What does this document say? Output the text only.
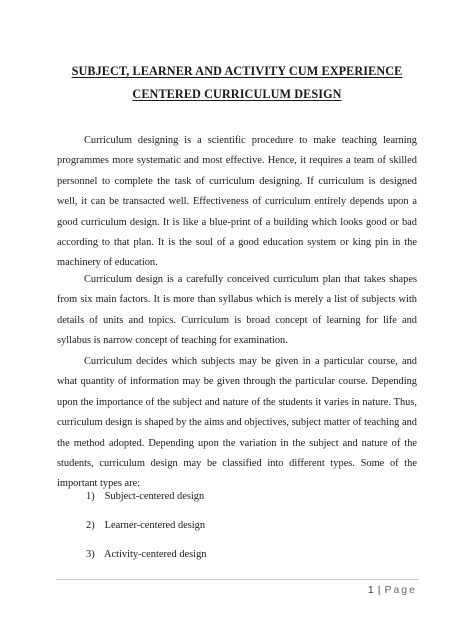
SUBJECT, LEARNER AND ACTIVITY CUM EXPERIENCE
CENTERED CURRICULUM DESIGN

Curriculum designing is a scientific procedure to make teaching learning programmes more systematic and most effective. Hence, it requires a team of skilled personnel to complete the task of curriculum designing. If curriculum is designed well, it can be transacted well. Effectiveness of curriculum entirely depends upon a good curriculum design. It is like a blue-print of a building which looks good or bad according to that plan. It is the soul of a good education system or king pin in the machinery of education.

Curriculum design is a carefully conceived curriculum plan that takes shapes from six main factors. It is more than syllabus which is merely a list of subjects with details of units and topics. Curriculum is broad concept of learning for life and syllabus is narrow concept of teaching for examination.

Curriculum decides which subjects may be given in a particular course, and what quantity of information may be given through the particular course. Depending upon the importance of the subject and nature of the students it varies in nature. Thus, curriculum design is shaped by the aims and objectives, subject matter of teaching and the method adopted. Depending upon the variation in the subject and nature of the students, curriculum design may be classified into different types. Some of the important types are:

1) Subject-centered design
2) Learner-centered design
3) Activity-centered design
1 | Page
